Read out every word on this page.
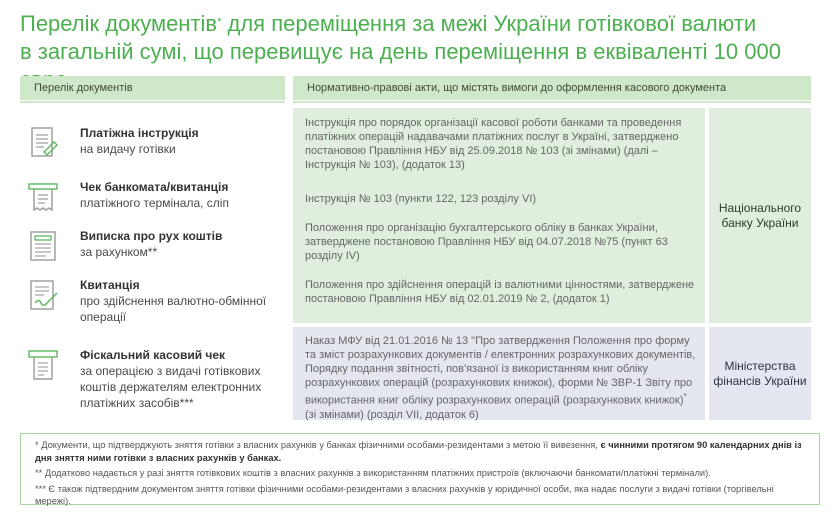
Перелік документів* для переміщення за межі України готівкової валюти
в загальній сумі, що перевищує на день переміщення в еквіваленті 10 000
Перелік документів	Нормативно-правові акти, що містять вимоги до оформлення касового документа
Платіжна інструкція
на видачу готівки
Чек банкомата/квитанція
платіжного термінала, сліп
Виписка про рух коштів
за рахунком**
Квитанція
про здійснення валютно-обмінної операції
Фіскальний касовий чек
за операцією з видачі готівкових коштів держателям електронних платіжних засобів***
Інструкція про порядок організації касової роботи банками та проведення платіжних операцій надавачами платіжних послуг в Україні, затверджено постановою Правління НБУ від 25.09.2018 № 103 (зі змінами) (далі – Інструкція № 103), (додаток 13)
Інструкція № 103 (пункти 122, 123 розділу VI)
Положення про організацію бухгалтерського обліку в банках України, затверджене постановою Правління НБУ від 04.07.2018 №75 (пункт 63 розділу IV)
Положення про здійснення операцій із валютними цінностями, затверджене постановою Правління НБУ від 02.01.2019 № 2, (додаток 1)
Національного банку України
Наказ МФУ від 21.01.2016 № 13 "Про затвердження Положення про форму та зміст розрахункових документів / електронних розрахункових документів, Порядку подання звітності, пов'язаної із використанням книг обліку розрахункових операцій (розрахункових книжок), форми № ЗВР-1 Звіту про використання книг обліку розрахункових операцій (розрахункових книжок)* (зі змінами) (розділ VII, додаток 6)
Міністерства фінансів України

* Документи, що підтверджують зняття готівки з власних рахунків у банках фізичними особами-резидентами з метою її вивезення, є чинними протягом 90 календарних днів із дня зняття ними готівки з власних рахунків у банках.

** Додатково надається у разі зняття готівкових коштів з власних рахунків з використанням платіжних пристроїв (включаючи банкомати/платіжні термінали).

*** Є також підтвердним документом зняття готівки фізичними особами-резидентами з власних рахунків у юридичної особи, яка надає послуги з видачі готівки (торгівельні мережі).
